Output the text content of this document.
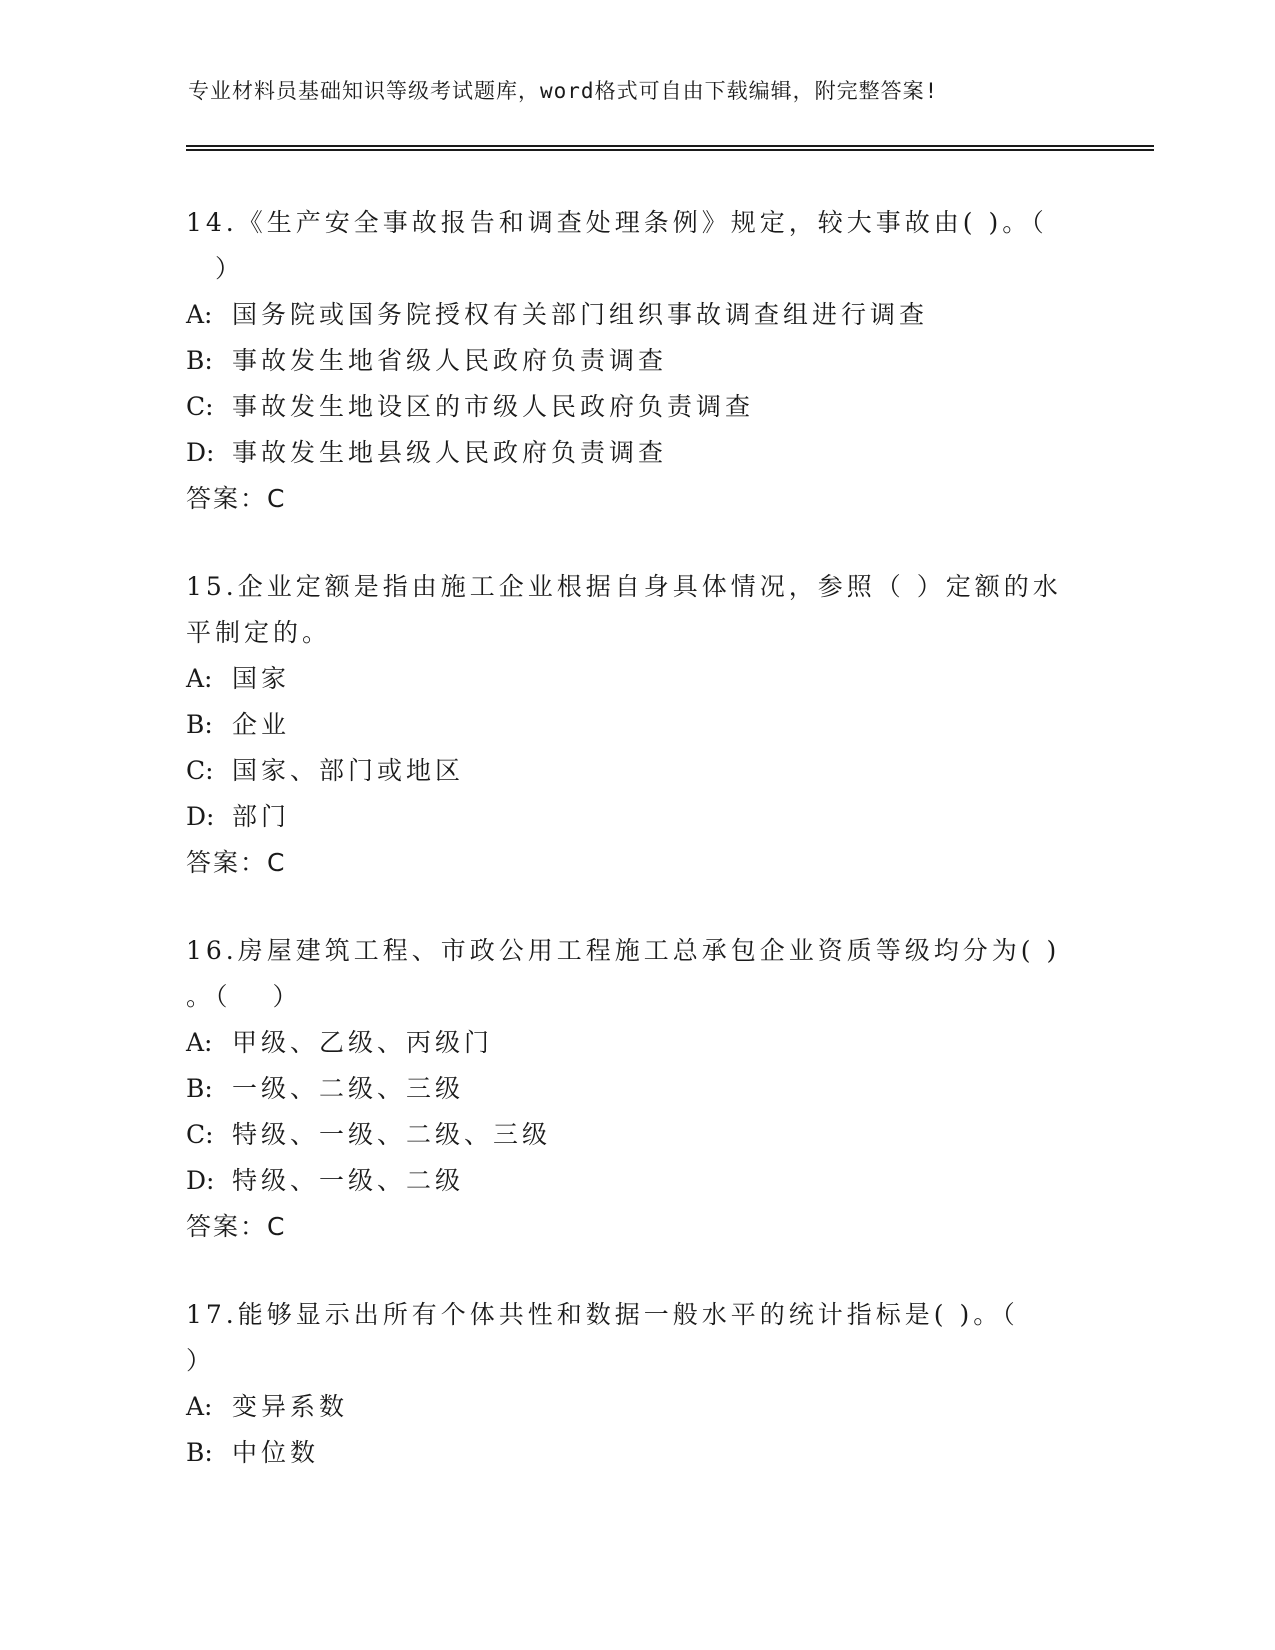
专业材料员基础知识等级考试题库，word格式可自由下载编辑，附完整答案!

14.《生产安全事故报告和调查处理条例》规定，较大事故由( )。（
　）

A: 国务院或国务院授权有关部门组织事故调查组进行调查

B: 事故发生地省级人民政府负责调查

C: 事故发生地设区的市级人民政府负责调查

D: 事故发生地县级人民政府负责调查

答案：C

15.企业定额是指由施工企业根据自身具体情况，参照（ ）定额的水平制定的。

A: 国家

B: 企业

C: 国家、部门或地区

D: 部门

答案：C

16.房屋建筑工程、市政公用工程施工总承包企业资质等级均分为( )
。（　 ）

A: 甲级、乙级、丙级门

B: 一级、二级、三级

C: 特级、一级、二级、三级

D: 特级、一级、二级

答案：C

17.能够显示出所有个体共性和数据一般水平的统计指标是( )。（
）

A: 变异系数

B: 中位数
